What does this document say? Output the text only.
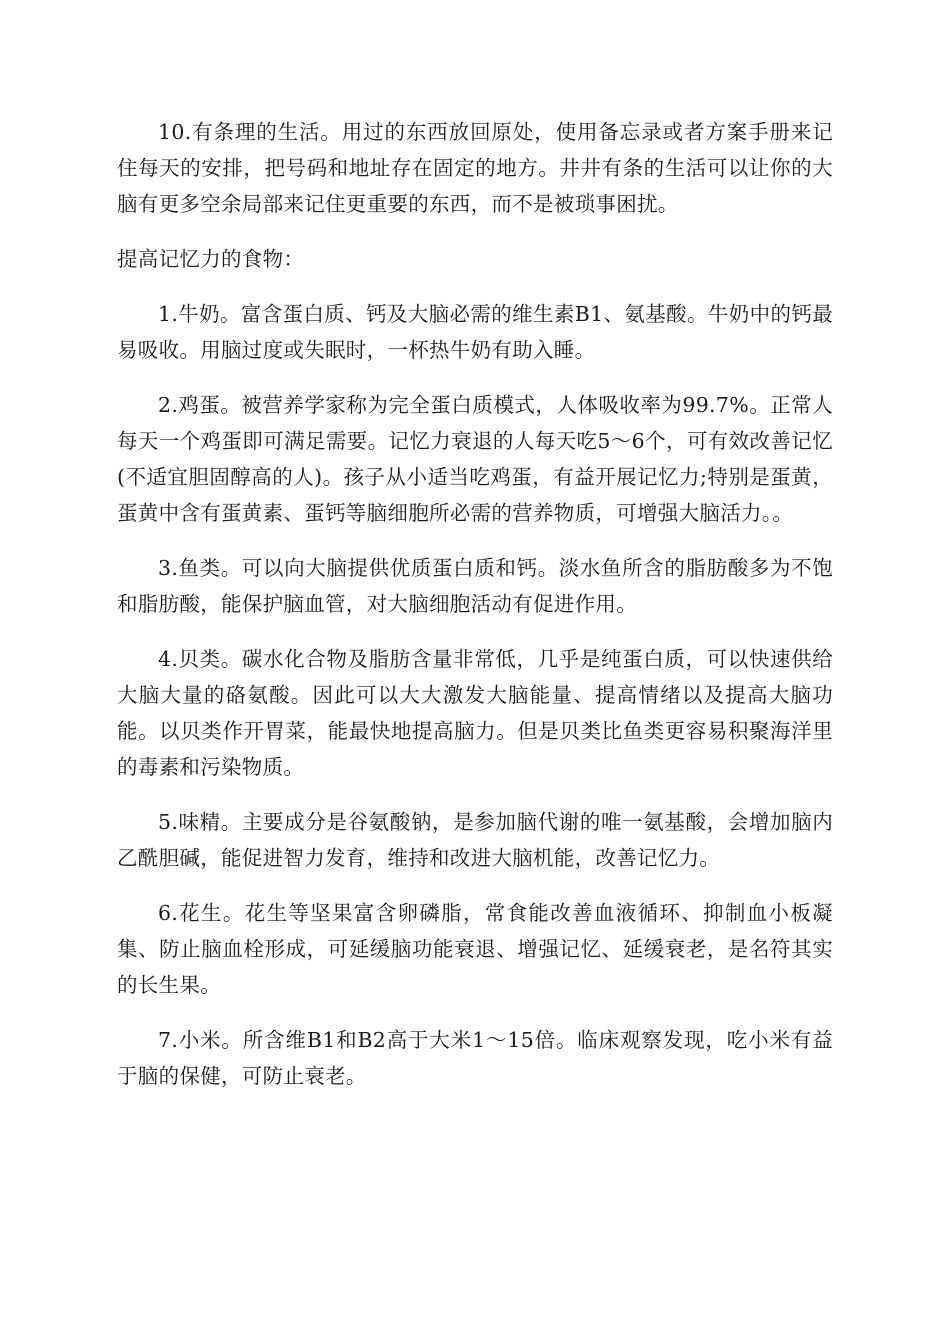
10.有条理的生活。用过的东西放回原处，使用备忘录或者方案手册来记住每天的安排，把号码和地址存在固定的地方。井井有条的生活可以让你的大脑有更多空余局部来记住更重要的东西，而不是被琐事困扰。

提高记忆力的食物：

1.牛奶。富含蛋白质、钙及大脑必需的维生素B1、氨基酸。牛奶中的钙最易吸收。用脑过度或失眠时，一杯热牛奶有助入睡。

2.鸡蛋。被营养学家称为完全蛋白质模式，人体吸收率为99.7%。正常人每天一个鸡蛋即可满足需要。记忆力衰退的人每天吃5～6个，可有效改善记忆(不适宜胆固醇高的人)。孩子从小适当吃鸡蛋，有益开展记忆力;特别是蛋黄，蛋黄中含有蛋黄素、蛋钙等脑细胞所必需的营养物质，可增强大脑活力。。

3.鱼类。可以向大脑提供优质蛋白质和钙。淡水鱼所含的脂肪酸多为不饱和脂肪酸，能保护脑血管，对大脑细胞活动有促进作用。

4.贝类。碳水化合物及脂肪含量非常低，几乎是纯蛋白质，可以快速供给大脑大量的硌氨酸。因此可以大大激发大脑能量、提高情绪以及提高大脑功能。以贝类作开胃菜，能最快地提高脑力。但是贝类比鱼类更容易积聚海洋里的毒素和污染物质。

5.味精。主要成分是谷氨酸钠，是参加脑代谢的唯一氨基酸，会增加脑内乙酰胆碱，能促进智力发育，维持和改进大脑机能，改善记忆力。

6.花生。花生等坚果富含卵磷脂，常食能改善血液循环、抑制血小板凝集、防止脑血栓形成，可延缓脑功能衰退、增强记忆、延缓衰老，是名符其实的长生果。

7.小米。所含维B1和B2高于大米1～15倍。临床观察发现，吃小米有益于脑的保健，可防止衰老。
